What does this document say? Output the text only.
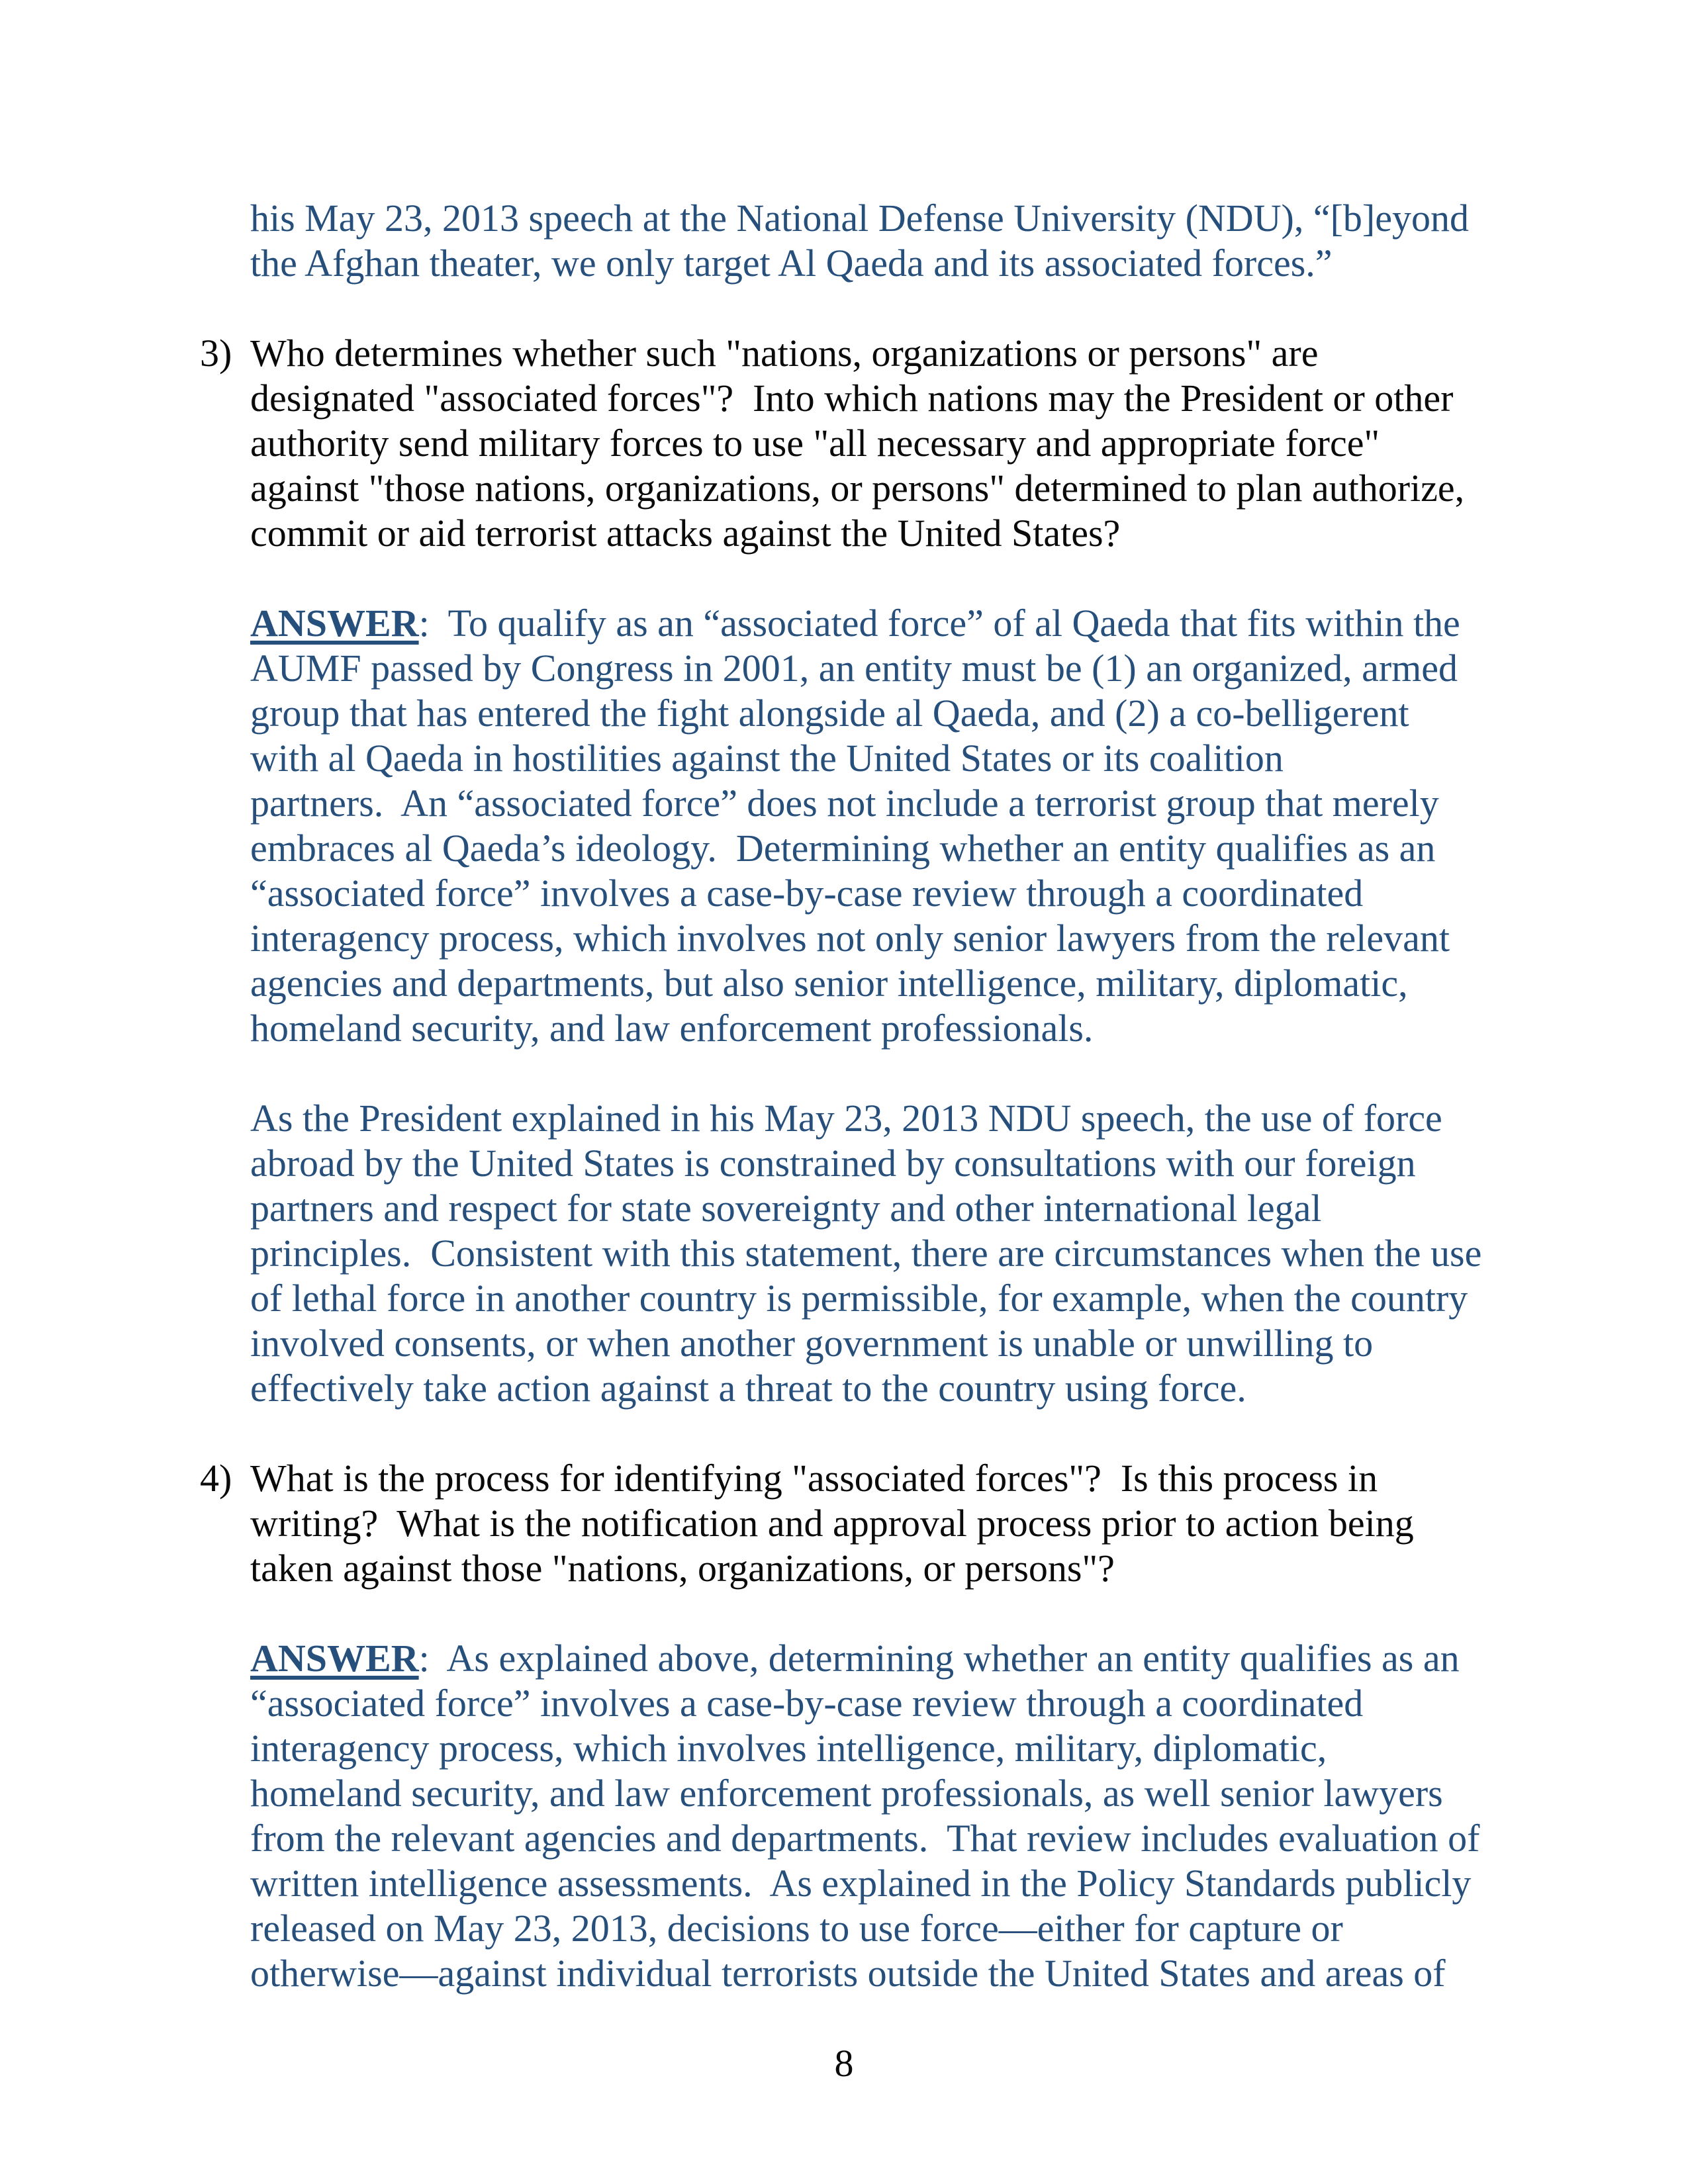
his May 23, 2013 speech at the National Defense University (NDU), “[b]eyond
the Afghan theater, we only target Al Qaeda and its associated forces.”
3) Who determines whether such "nations, organizations or persons" are
designated "associated forces"?  Into which nations may the President or other
authority send military forces to use "all necessary and appropriate force"
against "those nations, organizations, or persons" determined to plan authorize,
commit or aid terrorist attacks against the United States?
ANSWER:  To qualify as an “associated force” of al Qaeda that fits within the
AUMF passed by Congress in 2001, an entity must be (1) an organized, armed
group that has entered the fight alongside al Qaeda, and (2) a co-belligerent
with al Qaeda in hostilities against the United States or its coalition
partners.  An “associated force” does not include a terrorist group that merely
embraces al Qaeda’s ideology.  Determining whether an entity qualifies as an
“associated force” involves a case-by-case review through a coordinated
interagency process, which involves not only senior lawyers from the relevant
agencies and departments, but also senior intelligence, military, diplomatic,
homeland security, and law enforcement professionals.
As the President explained in his May 23, 2013 NDU speech, the use of force
abroad by the United States is constrained by consultations with our foreign
partners and respect for state sovereignty and other international legal
principles.  Consistent with this statement, there are circumstances when the use
of lethal force in another country is permissible, for example, when the country
involved consents, or when another government is unable or unwilling to
effectively take action against a threat to the country using force.
4) What is the process for identifying "associated forces"?  Is this process in
writing?  What is the notification and approval process prior to action being
taken against those "nations, organizations, or persons"?
ANSWER:  As explained above, determining whether an entity qualifies as an
“associated force” involves a case-by-case review through a coordinated
interagency process, which involves intelligence, military, diplomatic,
homeland security, and law enforcement professionals, as well senior lawyers
from the relevant agencies and departments.  That review includes evaluation of
written intelligence assessments.  As explained in the Policy Standards publicly
released on May 23, 2013, decisions to use force—either for capture or
otherwise—against individual terrorists outside the United States and areas of
8
